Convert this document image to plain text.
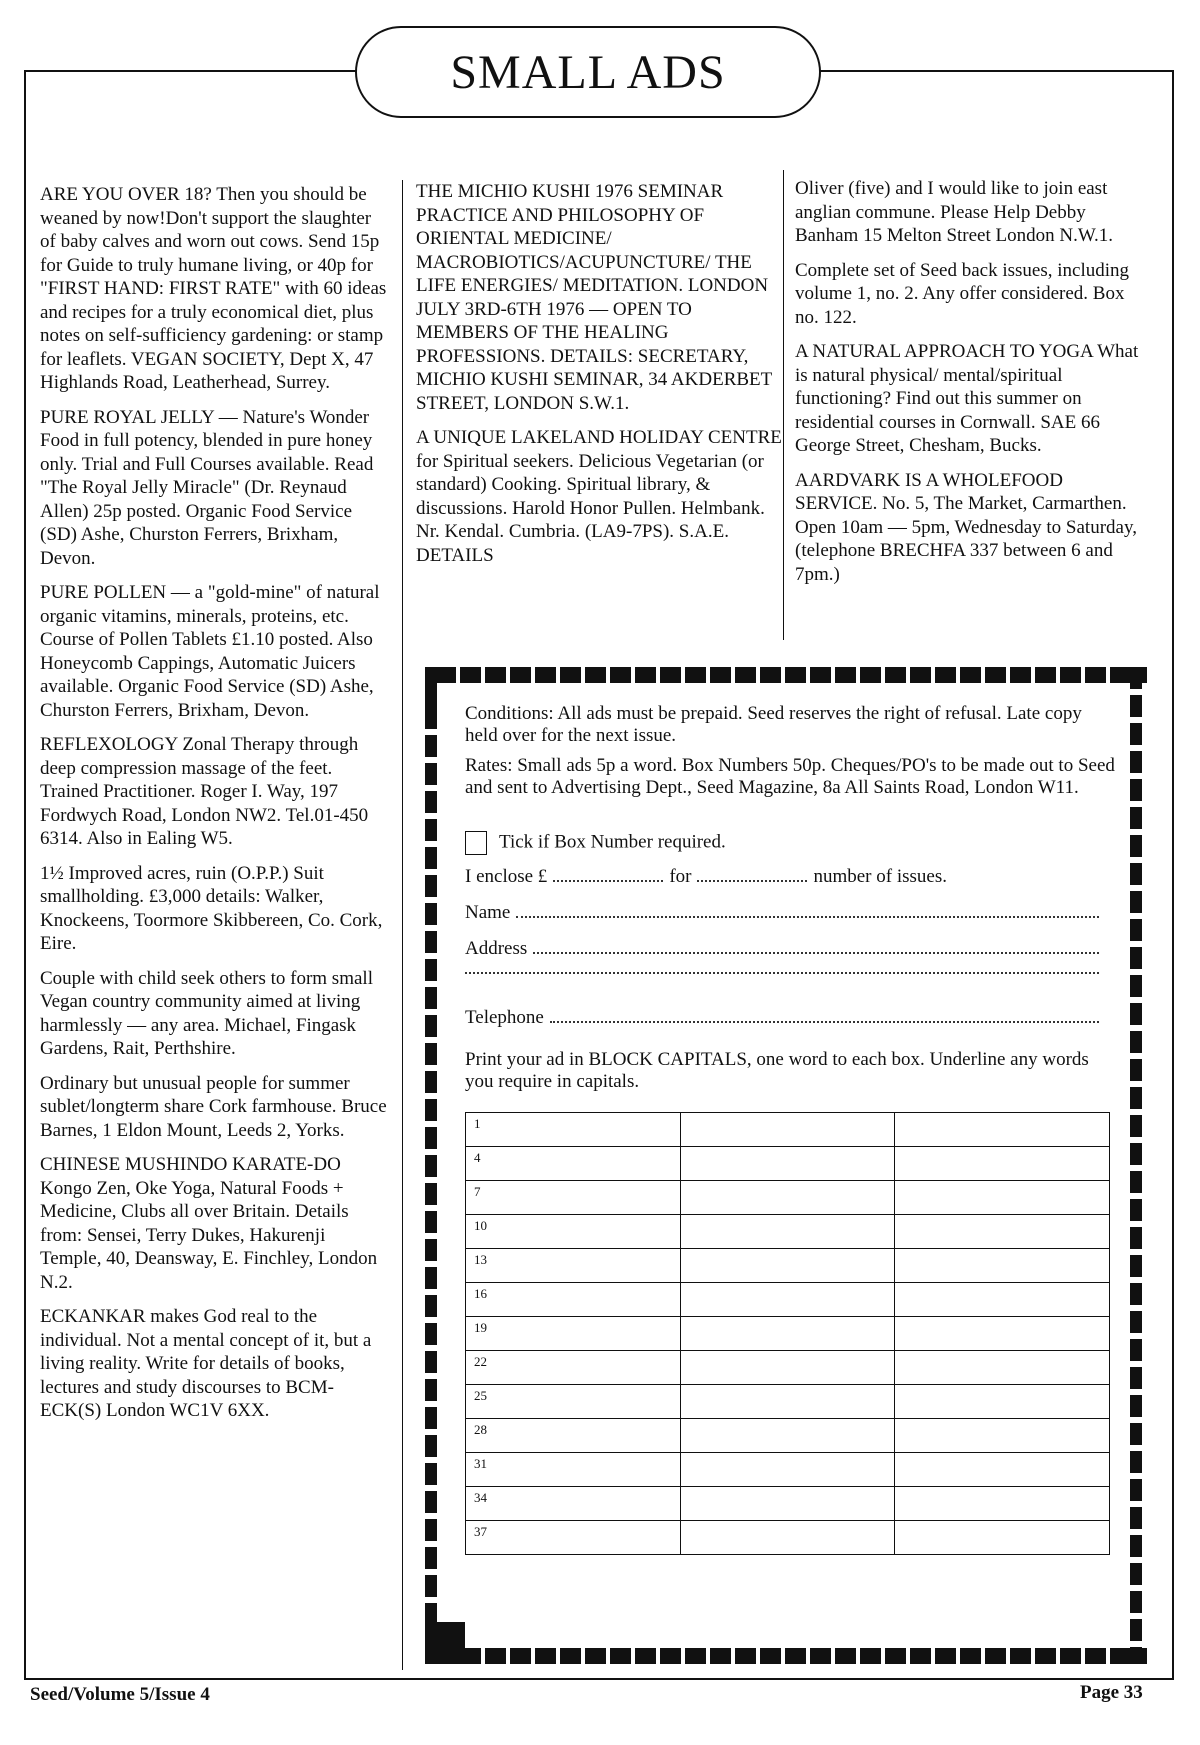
SMALL ADS

ARE YOU OVER 18? Then you should be weaned by now!Don't support the slaughter of baby calves and worn out cows. Send 15p for Guide to truly humane living, or 40p for "FIRST HAND: FIRST RATE" with 60 ideas and recipes for a truly economical diet, plus notes on self-sufficiency gardening: or stamp for leaflets. VEGAN SOCIETY, Dept X, 47 Highlands Road, Leatherhead, Surrey.

PURE ROYAL JELLY — Nature's Wonder Food in full potency, blended in pure honey only. Trial and Full Courses available. Read "The Royal Jelly Miracle" (Dr. Reynaud Allen) 25p posted. Organic Food Service (SD) Ashe, Churston Ferrers, Brixham, Devon.

PURE POLLEN — a "gold-mine" of natural organic vitamins, minerals, proteins, etc. Course of Pollen Tablets £1.10 posted. Also Honeycomb Cappings, Automatic Juicers available. Organic Food Service (SD) Ashe, Churston Ferrers, Brixham, Devon.

REFLEXOLOGY Zonal Therapy through deep compression massage of the feet. Trained Practitioner. Roger I. Way, 197 Fordwych Road, London NW2. Tel.01-450 6314. Also in Ealing W5.

1½ Improved acres, ruin (O.P.P.) Suit smallholding. £3,000 details: Walker, Knockeens, Toormore Skibbereen, Co. Cork, Eire.

Couple with child seek others to form small Vegan country community aimed at living harmlessly — any area. Michael, Fingask Gardens, Rait, Perthshire.

Ordinary but unusual people for summer sublet/longterm share Cork farmhouse. Bruce Barnes, 1 Eldon Mount, Leeds 2, Yorks.

CHINESE MUSHINDO KARATE-DO Kongo Zen, Oke Yoga, Natural Foods + Medicine, Clubs all over Britain. Details from: Sensei, Terry Dukes, Hakurenji Temple, 40, Deansway, E. Finchley, London N.2.

ECKANKAR makes God real to the individual. Not a mental concept of it, but a living reality. Write for details of books, lectures and study discourses to BCM-ECK(S) London WC1V 6XX.

THE MICHIO KUSHI 1976 SEMINAR PRACTICE AND PHILOSOPHY OF ORIENTAL MEDICINE/ MACROBIOTICS/ACUPUNCTURE/ THE LIFE ENERGIES/ MEDITATION. LONDON JULY 3RD-6TH 1976 — OPEN TO MEMBERS OF THE HEALING PROFESSIONS. DETAILS: SECRETARY, MICHIO KUSHI SEMINAR, 34 AKDERBET STREET, LONDON S.W.1.

A UNIQUE LAKELAND HOLIDAY CENTRE for Spiritual seekers. Delicious Vegetarian (or standard) Cooking. Spiritual library, & discussions. Harold Honor Pullen. Helmbank. Nr. Kendal. Cumbria. (LA9-7PS). S.A.E. DETAILS

Oliver (five) and I would like to join east anglian commune. Please Help Debby Banham 15 Melton Street London N.W.1.

Complete set of Seed back issues, including volume 1, no. 2. Any offer considered. Box no. 122.

A NATURAL APPROACH TO YOGA What is natural physical/ mental/spiritual functioning? Find out this summer on residential courses in Cornwall. SAE 66 George Street, Chesham, Bucks.

AARDVARK IS A WHOLEFOOD SERVICE. No. 5, The Market, Carmarthen. Open 10am — 5pm, Wednesday to Saturday, (telephone BRECHFA 337 between 6 and 7pm.)

Conditions: All ads must be prepaid. Seed reserves the right of refusal. Late copy held over for the next issue.
Rates: Small ads 5p a word. Box Numbers 50p. Cheques/PO's to be made out to Seed and sent to Advertising Dept., Seed Magazine, 8a All Saints Road, London W11.
Tick if Box Number required.
I enclose £	for	number of issues.
Name
Address
Telephone
Print your ad in BLOCK CAPITALS, one word to each box. Underline any words you require in capitals.
1		
4		
7		
10		
13		
16		
19		
22		
25		
28		
31		
34		
37		
Seed/Volume 5/Issue 4	Page 33
